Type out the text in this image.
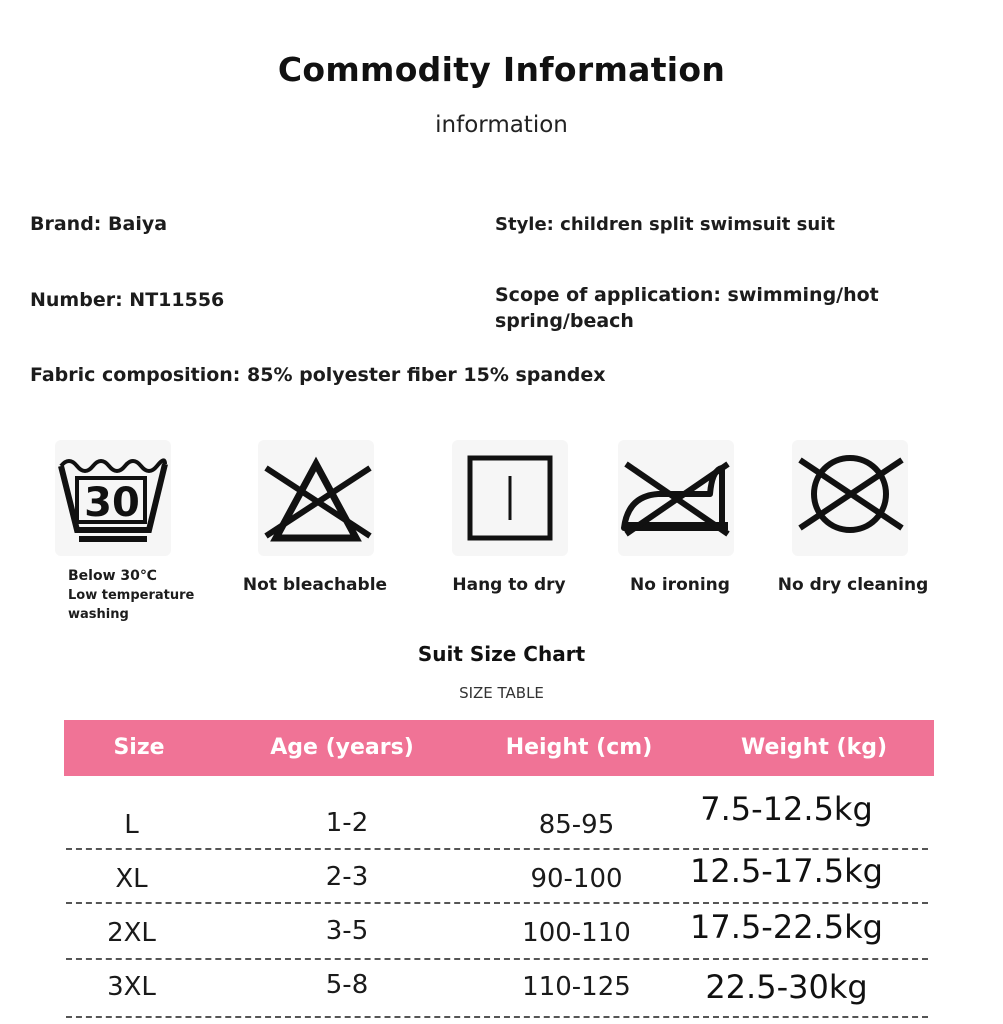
Commodity Information
information
Brand: Baiya	Style: children split swimsuit suit
Number: NT11556	Scope of application: swimming/hot
spring/beach
Fabric composition: 85% polyester fiber 15% spandex
30
Below 30℃
Low temperature
washing
Not bleachable	Hang to dry	No ironing	No dry cleaning
Suit Size Chart
SIZE TABLE
Size	Age (years)	Height (cm)	Weight (kg)
L	1-2	85-95	7.5-12.5kg
XL	2-3	90-100	12.5-17.5kg
2XL	3-5	100-110	17.5-22.5kg
3XL	5-8	110-125	22.5-30kg
